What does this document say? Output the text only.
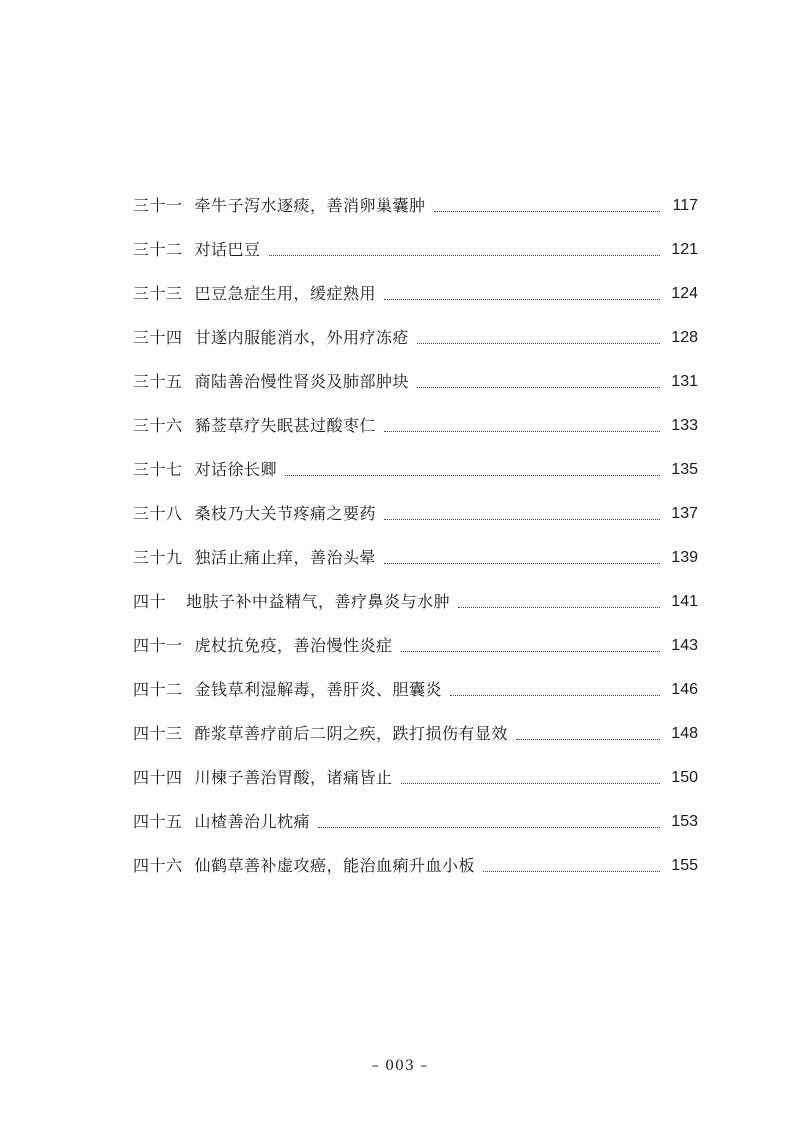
三十一 牵牛子泻水逐痰，善消卵巢囊肿	117
三十二 对话巴豆	121
三十三 巴豆急症生用，缓症熟用	124
三十四 甘遂内服能消水，外用疗冻疮	128
三十五 商陆善治慢性肾炎及肺部肿块	131
三十六 豨莶草疗失眠甚过酸枣仁	133
三十七 对话徐长卿	135
三十八 桑枝乃大关节疼痛之要药	137
三十九 独活止痛止痒，善治头晕	139
四十 地肤子补中益精气，善疗鼻炎与水肿	141
四十一 虎杖抗免疫，善治慢性炎症	143
四十二 金钱草利湿解毒，善肝炎、胆囊炎	146
四十三 酢浆草善疗前后二阴之疾，跌打损伤有显效	148
四十四 川楝子善治胃酸，诸痛皆止	150
四十五 山楂善治儿枕痛	153
四十六 仙鹤草善补虚攻癌，能治血痢升血小板	155
– 003 –
